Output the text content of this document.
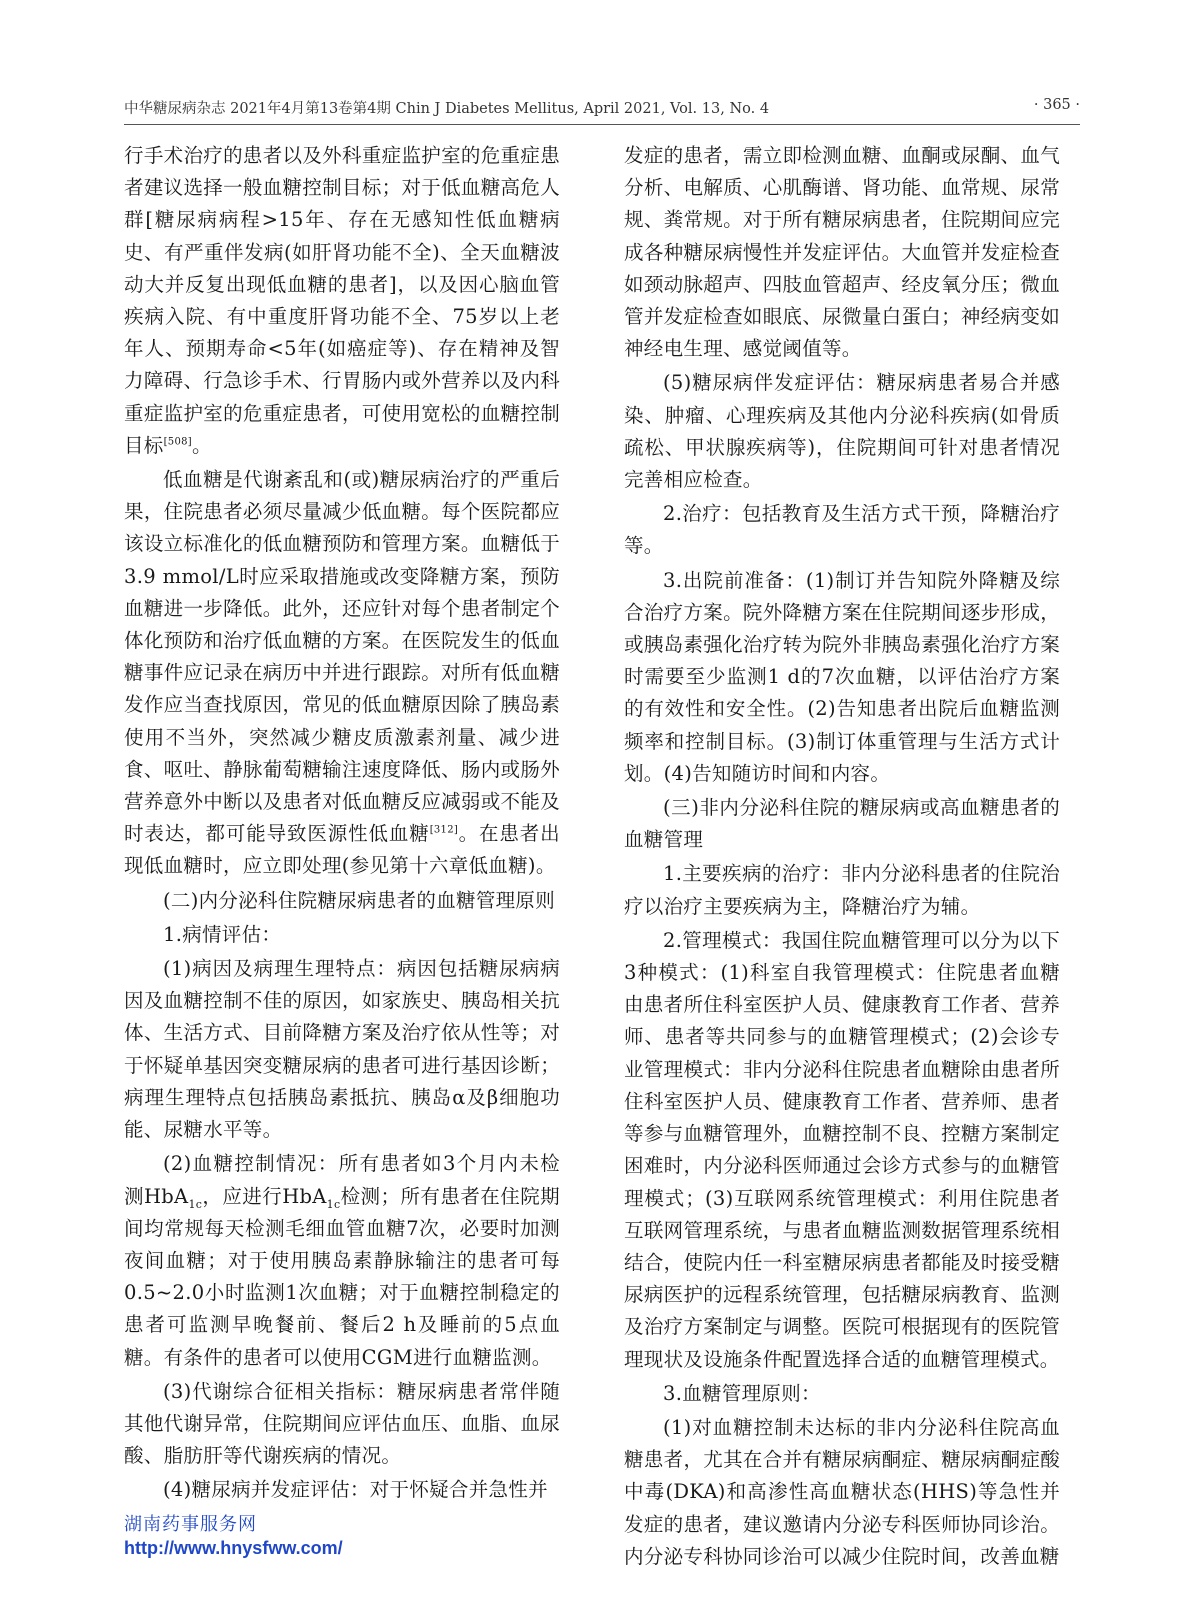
中华糖尿病杂志 2021年4月第13卷第4期 Chin J Diabetes Mellitus, April 2021, Vol. 13, No. 4	· 365 ·

行手术治疗的患者以及外科重症监护室的危重症患者建议选择一般血糖控制目标；对于低血糖高危人群[糖尿病病程>15年、存在无感知性低血糖病史、有严重伴发病(如肝肾功能不全)、全天血糖波动大并反复出现低血糖的患者]，以及因心脑血管疾病入院、有中重度肝肾功能不全、75岁以上老年人、预期寿命<5年(如癌症等)、存在精神及智力障碍、行急诊手术、行胃肠内或外营养以及内科重症监护室的危重症患者，可使用宽松的血糖控制目标[508]。

低血糖是代谢紊乱和(或)糖尿病治疗的严重后果，住院患者必须尽量减少低血糖。每个医院都应该设立标准化的低血糖预防和管理方案。血糖低于3.9 mmol/L时应采取措施或改变降糖方案，预防血糖进一步降低。此外，还应针对每个患者制定个体化预防和治疗低血糖的方案。在医院发生的低血糖事件应记录在病历中并进行跟踪。对所有低血糖发作应当查找原因，常见的低血糖原因除了胰岛素使用不当外，突然减少糖皮质激素剂量、减少进食、呕吐、静脉葡萄糖输注速度降低、肠内或肠外营养意外中断以及患者对低血糖反应减弱或不能及时表达，都可能导致医源性低血糖[312]。在患者出现低血糖时，应立即处理(参见第十六章低血糖)。

(二)内分泌科住院糖尿病患者的血糖管理原则

1.病情评估：

(1)病因及病理生理特点：病因包括糖尿病病因及血糖控制不佳的原因，如家族史、胰岛相关抗体、生活方式、目前降糖方案及治疗依从性等；对于怀疑单基因突变糖尿病的患者可进行基因诊断；病理生理特点包括胰岛素抵抗、胰岛α及β细胞功能、尿糖水平等。

(2)血糖控制情况：所有患者如3个月内未检测HbA$_{1c}$，应进行HbA$_{1c}$检测；所有患者在住院期间均常规每天检测毛细血管血糖7次，必要时加测夜间血糖；对于使用胰岛素静脉输注的患者可每0.5~2.0小时监测1次血糖；对于血糖控制稳定的患者可监测早晚餐前、餐后2 h及睡前的5点血糖。有条件的患者可以使用CGM进行血糖监测。

(3)代谢综合征相关指标：糖尿病患者常伴随其他代谢异常，住院期间应评估血压、血脂、血尿酸、脂肪肝等代谢疾病的情况。

(4)糖尿病并发症评估：对于怀疑合并急性并

发症的患者，需立即检测血糖、血酮或尿酮、血气分析、电解质、心肌酶谱、肾功能、血常规、尿常规、粪常规。对于所有糖尿病患者，住院期间应完成各种糖尿病慢性并发症评估。大血管并发症检查如颈动脉超声、四肢血管超声、经皮氧分压；微血管并发症检查如眼底、尿微量白蛋白；神经病变如神经电生理、感觉阈值等。

(5)糖尿病伴发症评估：糖尿病患者易合并感染、肿瘤、心理疾病及其他内分泌科疾病(如骨质疏松、甲状腺疾病等)，住院期间可针对患者情况完善相应检查。

2.治疗：包括教育及生活方式干预，降糖治疗等。

3.出院前准备：(1)制订并告知院外降糖及综合治疗方案。院外降糖方案在住院期间逐步形成，或胰岛素强化治疗转为院外非胰岛素强化治疗方案时需要至少监测1 d的7次血糖，以评估治疗方案的有效性和安全性。(2)告知患者出院后血糖监测频率和控制目标。(3)制订体重管理与生活方式计划。(4)告知随访时间和内容。

(三)非内分泌科住院的糖尿病或高血糖患者的血糖管理

1.主要疾病的治疗：非内分泌科患者的住院治疗以治疗主要疾病为主，降糖治疗为辅。

2.管理模式：我国住院血糖管理可以分为以下3种模式：(1)科室自我管理模式：住院患者血糖由患者所住科室医护人员、健康教育工作者、营养师、患者等共同参与的血糖管理模式；(2)会诊专业管理模式：非内分泌科住院患者血糖除由患者所住科室医护人员、健康教育工作者、营养师、患者等参与血糖管理外，血糖控制不良、控糖方案制定困难时，内分泌科医师通过会诊方式参与的血糖管理模式；(3)互联网系统管理模式：利用住院患者互联网管理系统，与患者血糖监测数据管理系统相结合，使院内任一科室糖尿病患者都能及时接受糖尿病医护的远程系统管理，包括糖尿病教育、监测及治疗方案制定与调整。医院可根据现有的医院管理现状及设施条件配置选择合适的血糖管理模式。

3.血糖管理原则：

(1)对血糖控制未达标的非内分泌科住院高血糖患者，尤其在合并有糖尿病酮症、糖尿病酮症酸中毒(DKA)和高渗性高血糖状态(HHS)等急性并发症的患者，建议邀请内分泌专科医师协同诊治。内分泌专科协同诊治可以减少住院时间，改善血糖

湖南药事服务网
http://www.hnysfww.com/
